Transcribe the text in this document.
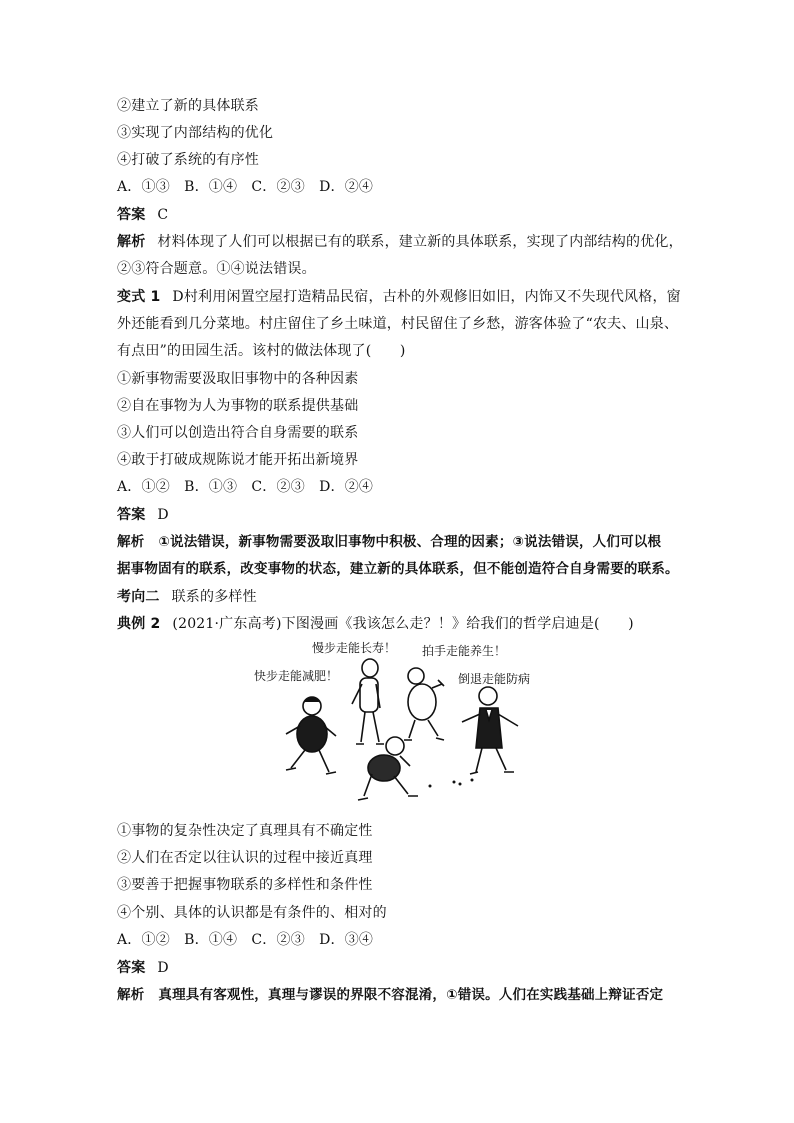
②建立了新的具体联系
③实现了内部结构的优化
④打破了系统的有序性
A．①③　B．①④　C．②③　D．②④
答案 C
解析 材料体现了人们可以根据已有的联系，建立新的具体联系，实现了内部结构的优化，
②③符合题意。①④说法错误。
变式 1 D村利用闲置空屋打造精品民宿，古朴的外观修旧如旧，内饰又不失现代风格，窗
外还能看到几分菜地。村庄留住了乡土味道，村民留住了乡愁，游客体验了“农夫、山泉、
有点田”的田园生活。该村的做法体现了(　　)
①新事物需要汲取旧事物中的各种因素
②自在事物为人为事物的联系提供基础
③人们可以创造出符合自身需要的联系
④敢于打破成规陈说才能开拓出新境界
A．①②　B．①③　C．②③　D．②④
答案 D
解析 ①说法错误，新事物需要汲取旧事物中积极、合理的因素；③说法错误，人们可以根
据事物固有的联系，改变事物的状态，建立新的具体联系，但不能创造符合自身需要的联系。
考向二 联系的多样性
典例 2 (2021·广东高考)下图漫画《我该怎么走？！》给我们的哲学启迪是(　　)
慢步走能长寿！ 拍手走能养生！
快步走能减肥！	倒退走能防病
①事物的复杂性决定了真理具有不确定性
②人们在否定以往认识的过程中接近真理
③要善于把握事物联系的多样性和条件性
④个别、具体的认识都是有条件的、相对的
A．①②　B．①④　C．②③　D．③④
答案 D
解析 真理具有客观性，真理与谬误的界限不容混淆，①错误。人们在实践基础上辩证否定
